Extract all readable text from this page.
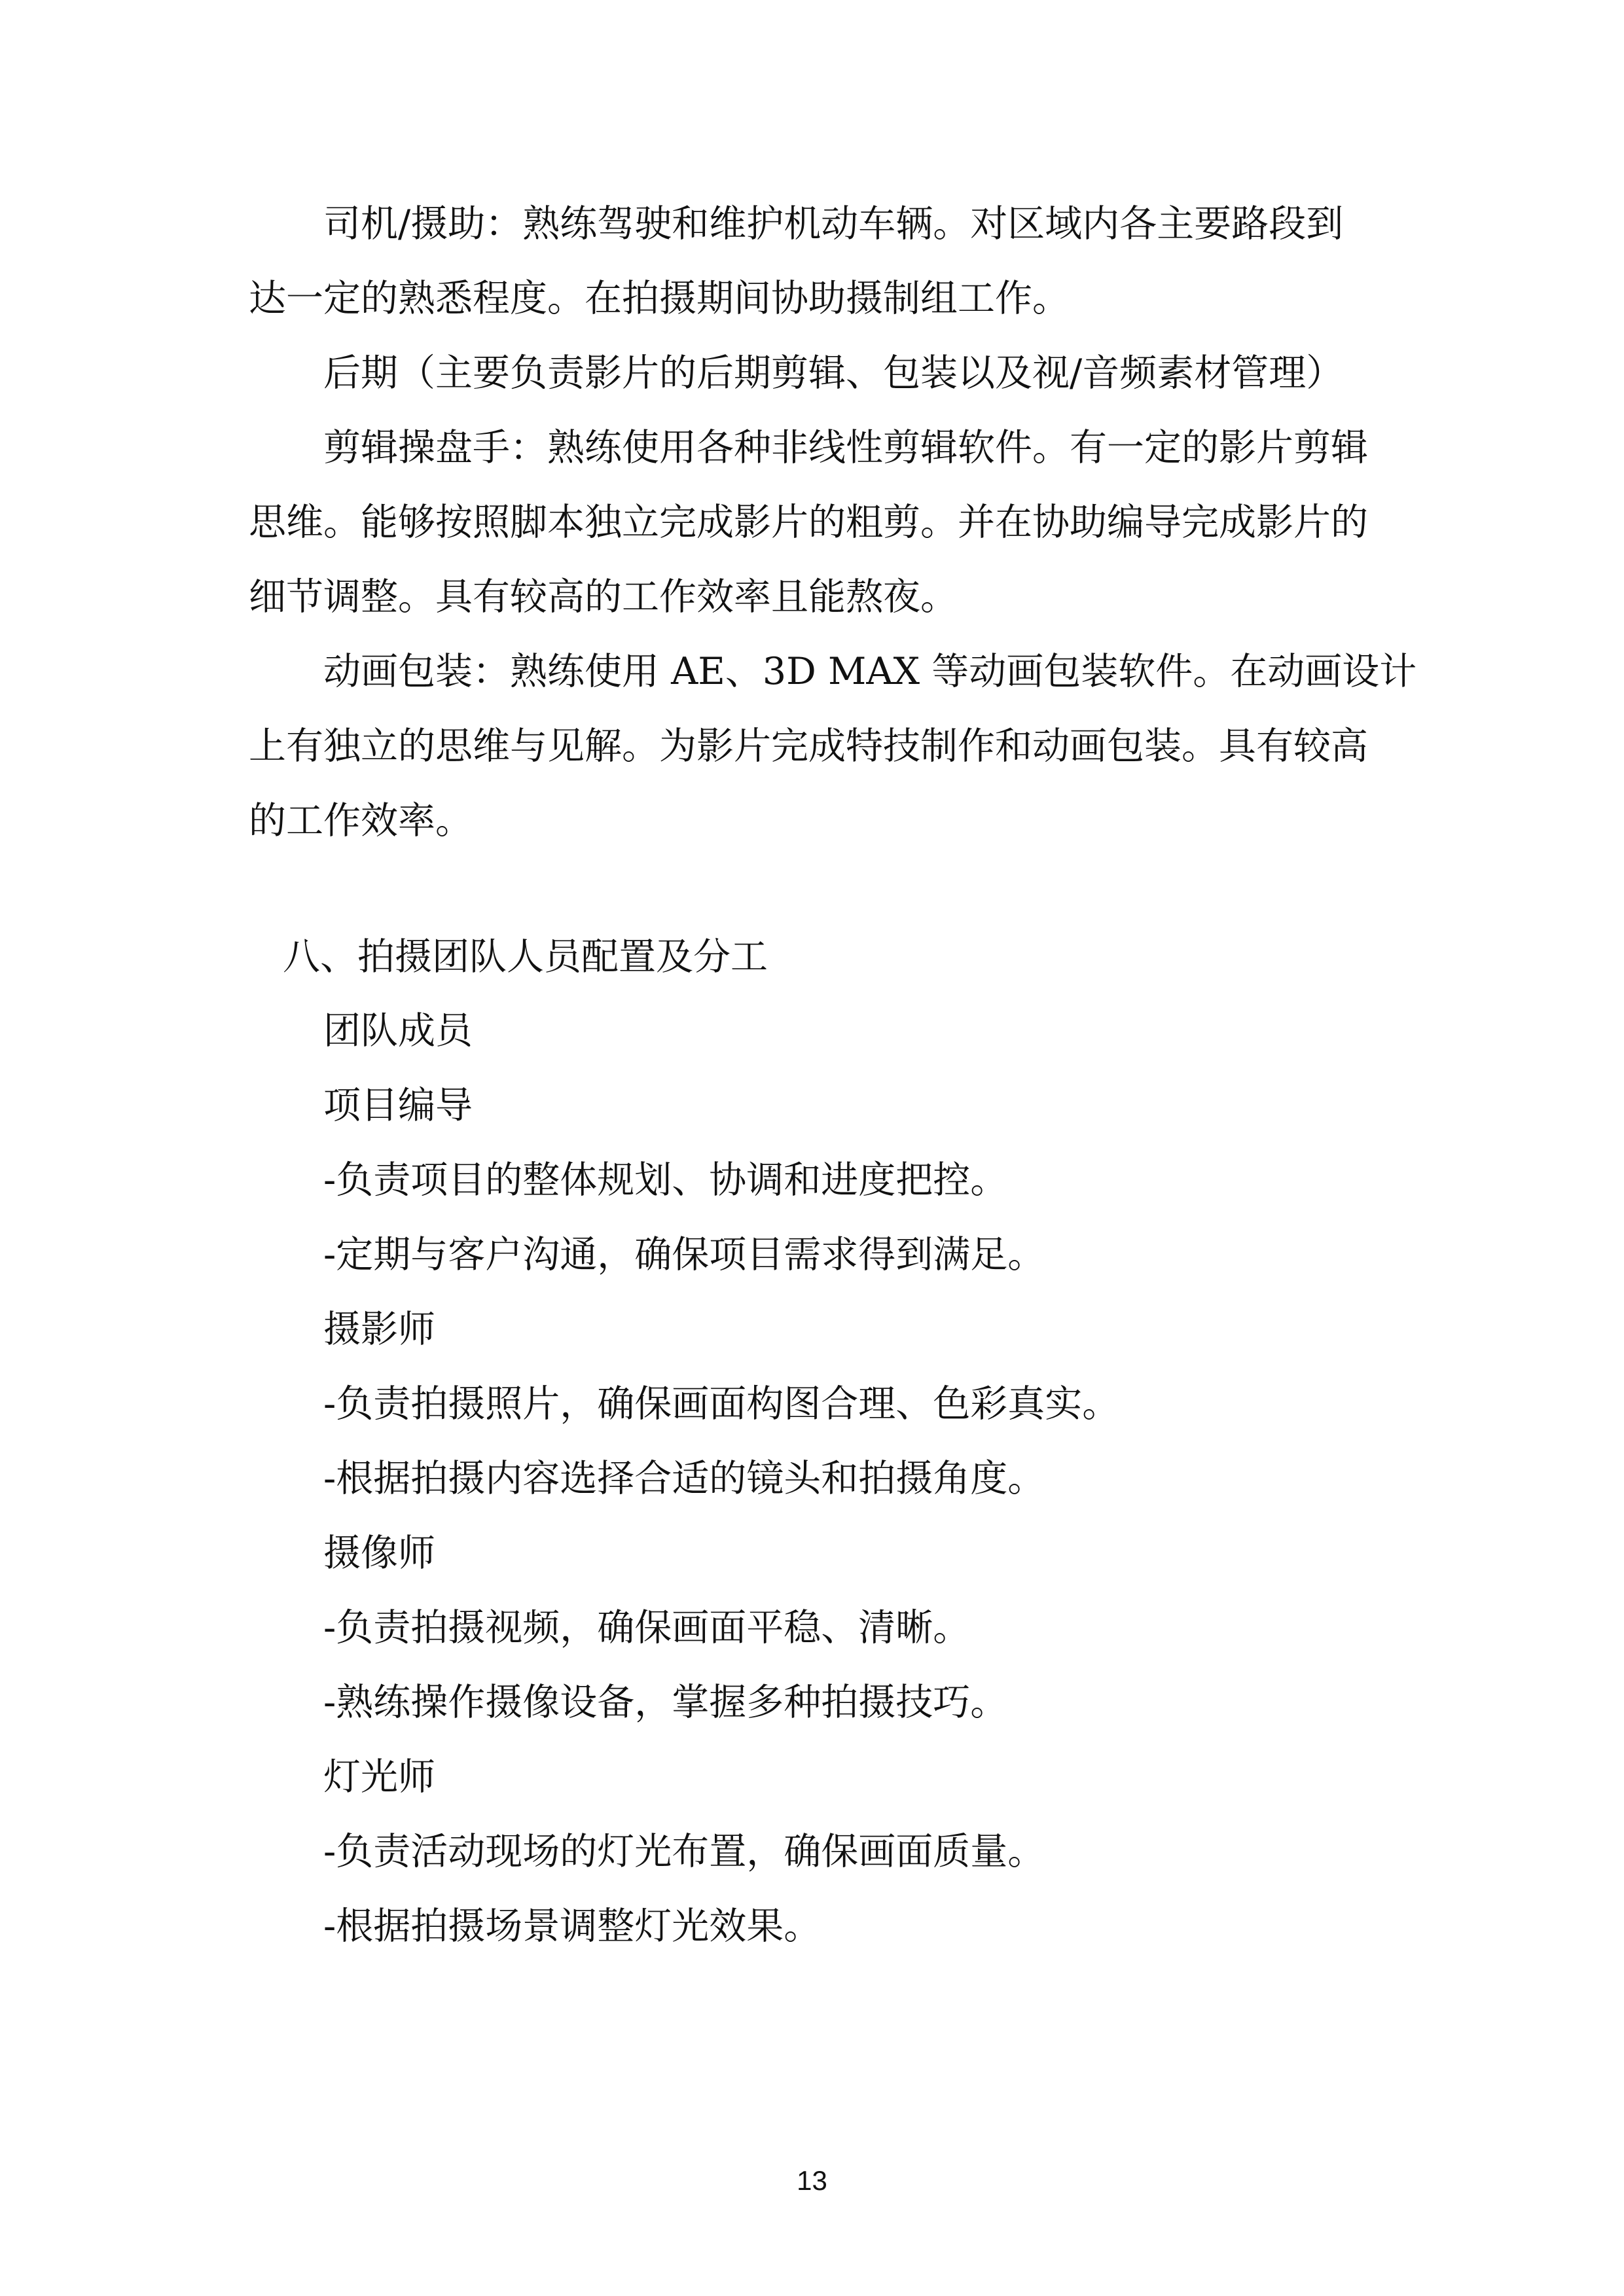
司机/摄助：熟练驾驶和维护机动车辆。对区域内各主要路段到
达一定的熟悉程度。在拍摄期间协助摄制组工作。
后期（主要负责影片的后期剪辑、包装以及视/音频素材管理）
剪辑操盘手：熟练使用各种非线性剪辑软件。有一定的影片剪辑
思维。能够按照脚本独立完成影片的粗剪。并在协助编导完成影片的
细节调整。具有较高的工作效率且能熬夜。
动画包装：熟练使用 AE、3D MAX 等动画包装软件。在动画设计
上有独立的思维与见解。为影片完成特技制作和动画包装。具有较高
的工作效率。
八、拍摄团队人员配置及分工
团队成员
项目编导
-负责项目的整体规划、协调和进度把控。
-定期与客户沟通，确保项目需求得到满足。
摄影师
-负责拍摄照片，确保画面构图合理、色彩真实。
-根据拍摄内容选择合适的镜头和拍摄角度。
摄像师
-负责拍摄视频，确保画面平稳、清晰。
-熟练操作摄像设备，掌握多种拍摄技巧。
灯光师
-负责活动现场的灯光布置，确保画面质量。
-根据拍摄场景调整灯光效果。
13
